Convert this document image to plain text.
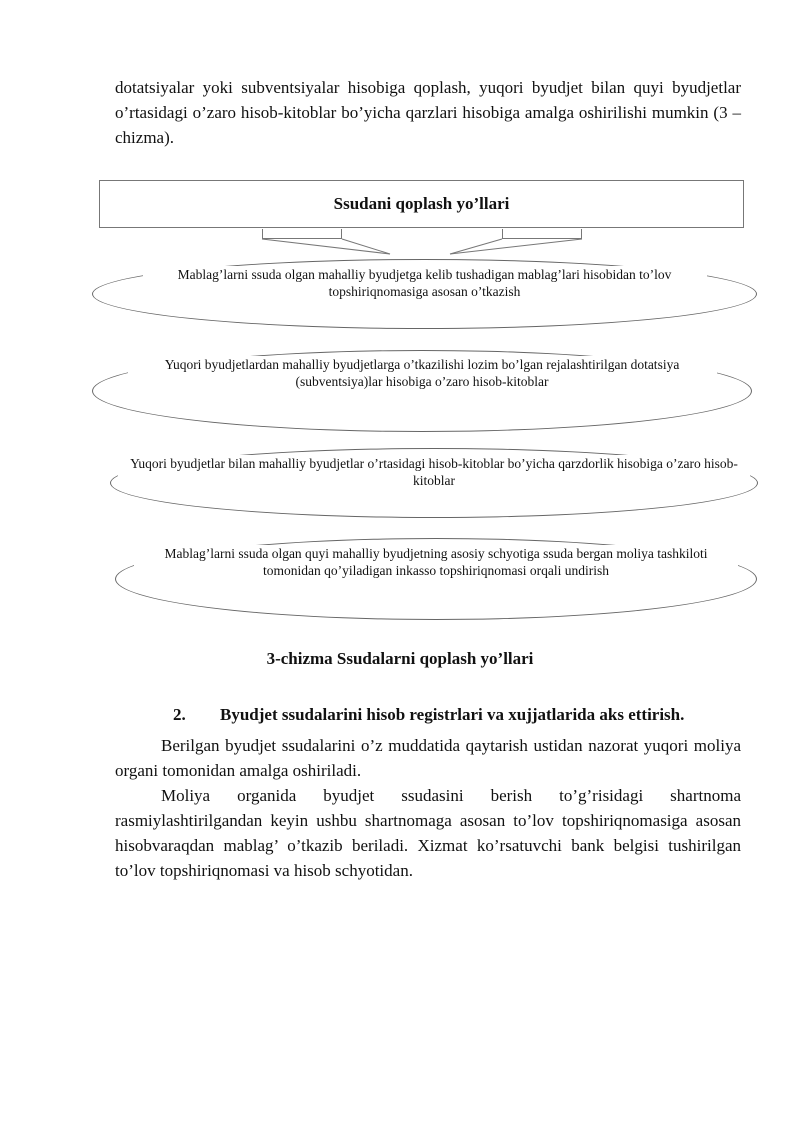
dotatsiyalar yoki subventsiyalar hisobiga qoplash, yuqori byudjet bilan quyi byudjetlar o’rtasidagi o’zaro hisob-kitoblar bo’yicha qarzlari hisobiga amalga oshirilishi mumkin (3 –chizma).

Ssudani qoplash yo’llari
Mablag’larni ssuda olgan mahalliy byudjetga kelib tushadigan mablag’lari hisobidan to’lov topshiriqnomasiga asosan o’tkazish
Yuqori byudjetlardan mahalliy byudjetlarga o’tkazilishi lozim bo’lgan rejalashtirilgan dotatsiya (subventsiya)lar hisobiga o’zaro hisob-kitoblar
Yuqori byudjetlar bilan mahalliy byudjetlar o’rtasidagi hisob-kitoblar bo’yicha qarzdorlik hisobiga o’zaro hisob-kitoblar
Mablag’larni ssuda olgan quyi mahalliy byudjetning asosiy schyotiga ssuda bergan moliya tashkiloti tomonidan qo’yiladigan inkasso topshiriqnomasi orqali undirish
3-chizma Ssudalarni qoplash yo’llari
2. Byudjet ssudalarini hisob registrlari va xujjatlarida aks ettirish.

Berilgan byudjet ssudalarini o’z muddatida qaytarish ustidan nazorat yuqori moliya organi tomonidan amalga oshiriladi.

Moliya organida byudjet ssudasini berish to’g’risidagi shartnoma rasmiylashtirilgandan keyin ushbu shartnomaga asosan to’lov topshiriqnomasiga asosan hisobvaraqdan mablag’ o’tkazib beriladi. Xizmat ko’rsatuvchi bank belgisi tushirilgan to’lov topshiriqnomasi va hisob schyotidan.
